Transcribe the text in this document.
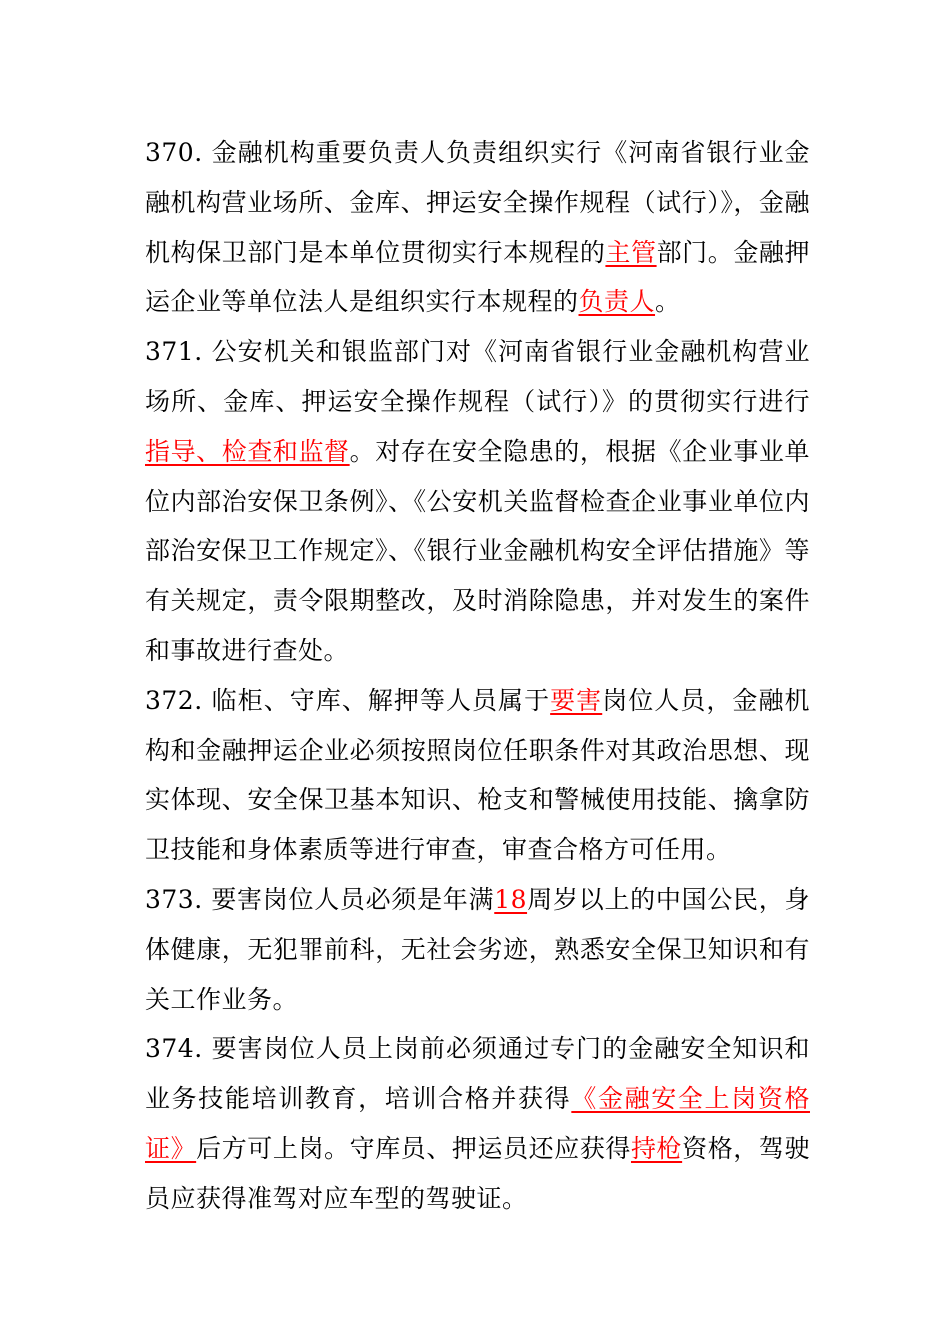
370. 金融机构重要负责人负责组织实行《河南省银行业金融机构营业场所、金库、押运安全操作规程（试行）》，金融机构保卫部门是本单位贯彻实行本规程的主管部门。金融押运企业等单位法人是组织实行本规程的负责人。

371. 公安机关和银监部门对《河南省银行业金融机构营业场所、金库、押运安全操作规程（试行）》的贯彻实行进行指导、检查和监督。对存在安全隐患的，根据《企业事业单位内部治安保卫条例》、《公安机关监督检查企业事业单位内部治安保卫工作规定》、《银行业金融机构安全评估措施》等有关规定，责令限期整改，及时消除隐患，并对发生的案件和事故进行查处。

372. 临柜、守库、解押等人员属于要害岗位人员，金融机构和金融押运企业必须按照岗位任职条件对其政治思想、现实体现、安全保卫基本知识、枪支和警械使用技能、擒拿防卫技能和身体素质等进行审查，审查合格方可任用。

373. 要害岗位人员必须是年满18周岁以上的中国公民，身体健康，无犯罪前科，无社会劣迹，熟悉安全保卫知识和有关工作业务。

374. 要害岗位人员上岗前必须通过专门的金融安全知识和业务技能培训教育，培训合格并获得《金融安全上岗资格证》后方可上岗。守库员、押运员还应获得持枪资格，驾驶员应获得准驾对应车型的驾驶证。
